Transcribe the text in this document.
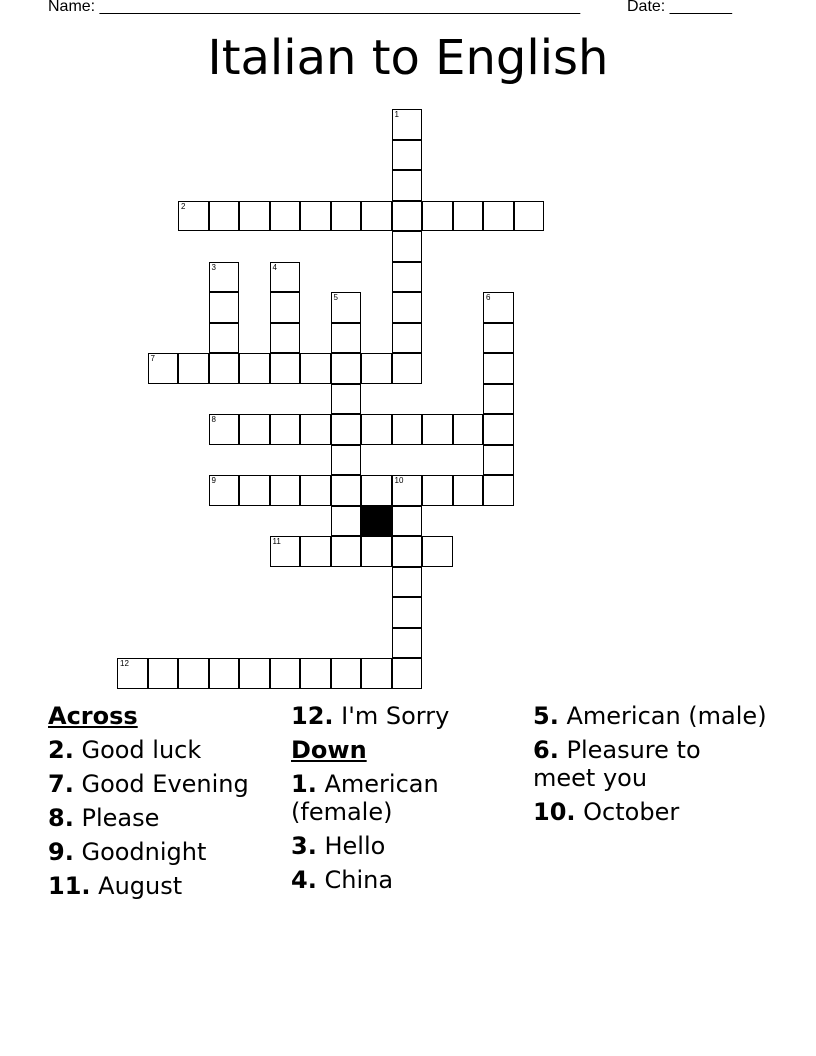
Name: ______________________________________________________	Date: _______
Italian to English
1
2
3	4
5	6
7
8
9	10
11
12
Across
2. Good luck
7. Good Evening
8. Please
9. Goodnight
11. August
12. I'm Sorry
Down
1. American (female)
3. Hello
4. China
5. American (male)
6. Pleasure to meet you
10. October
